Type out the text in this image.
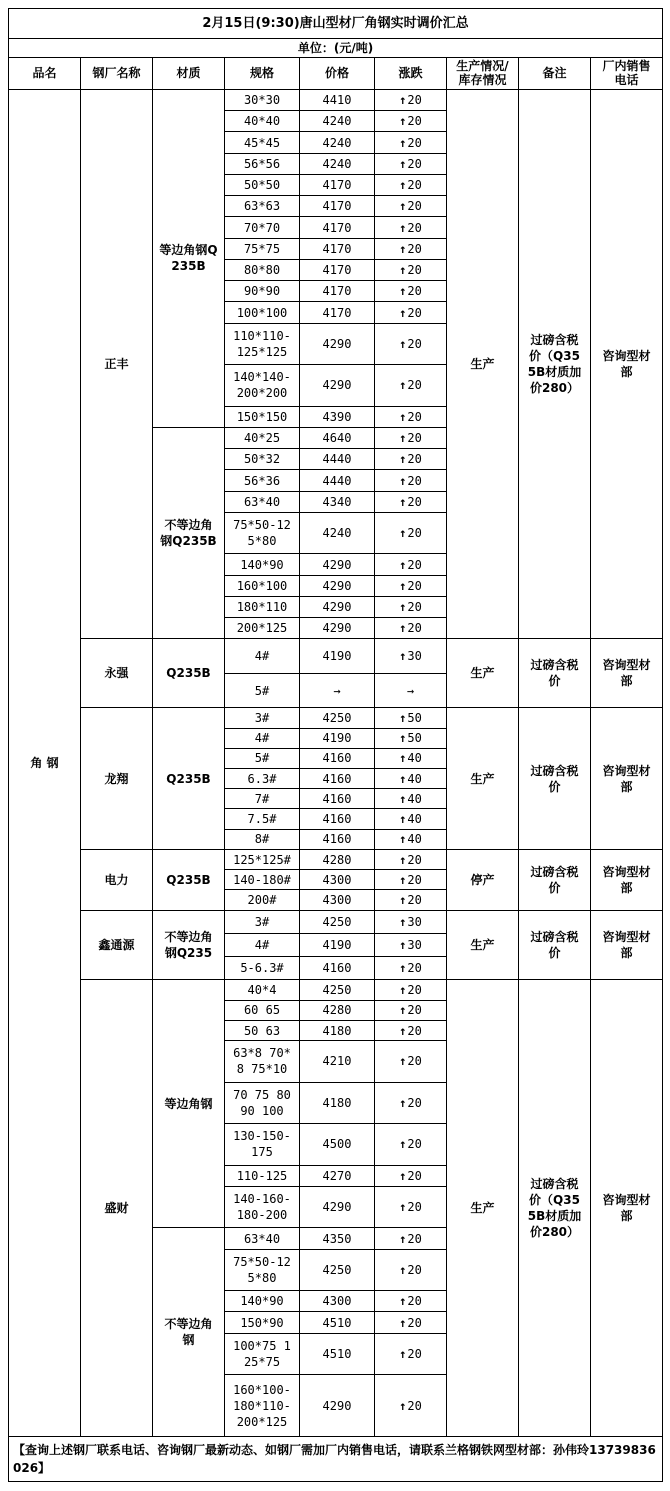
2月15日(9:30)唐山型材厂角钢实时调价汇总								
单位：(元/吨)								
品名	钢厂名称	材质	规格	价格	涨跌	生产情况/库存情况	备注	厂内销售电话
角 钢	正丰	等边角钢Q235B	30*30	4410	↑20	生产	过磅含税价（Q355B材质加价280）	咨询型材部
			40*40	4240	↑20			
			45*45	4240	↑20			
			56*56	4240	↑20			
			50*50	4170	↑20			
			63*63	4170	↑20			
			70*70	4170	↑20			
			75*75	4170	↑20			
			80*80	4170	↑20			
			90*90	4170	↑20			
			100*100	4170	↑20			
			110*110-125*125	4290	↑20			
			140*140-200*200	4290	↑20			
			150*150	4390	↑20			
		不等边角钢Q235B	40*25	4640	↑20			
			50*32	4440	↑20			
			56*36	4440	↑20			
			63*40	4340	↑20			
			75*50-125*80	4240	↑20			
			140*90	4290	↑20			
			160*100	4290	↑20			
			180*110	4290	↑20			
			200*125	4290	↑20			
	永强	Q235B	4#	4190	↑30	生产	过磅含税价	咨询型材部
			5#	→	→			
	龙翔	Q235B	3#	4250	↑50	生产	过磅含税价	咨询型材部
			4#	4190	↑50			
			5#	4160	↑40			
			6.3#	4160	↑40			
			7#	4160	↑40			
			7.5#	4160	↑40			
			8#	4160	↑40			
	电力	Q235B	125*125#	4280	↑20	停产	过磅含税价	咨询型材部
			140-180#	4300	↑20			
			200#	4300	↑20			
	鑫通源	不等边角钢Q235	3#	4250	↑30	生产	过磅含税价	咨询型材部
			4#	4190	↑30			
			5-6.3#	4160	↑20			
	盛财	等边角钢	40*4	4250	↑20	生产	过磅含税价（Q355B材质加价280）	咨询型材部
			60 65	4280	↑20			
			50 63	4180	↑20			
			63*8 70*8 75*10	4210	↑20			
			70 75 80 90 100	4180	↑20			
			130-150-175	4500	↑20			
			110-125	4270	↑20			
			140-160-180-200	4290	↑20			
		不等边角钢	63*40	4350	↑20			
			75*50-125*80	4250	↑20			
			140*90	4300	↑20			
			150*90	4510	↑20			
			100*75 125*75	4510	↑20			
			160*100-180*110-200*125	4290	↑20			
【查询上述钢厂联系电话、咨询钢厂最新动态、如钢厂需加厂内销售电话，请联系兰格钢铁网型材部：孙伟玲13739836026】								
